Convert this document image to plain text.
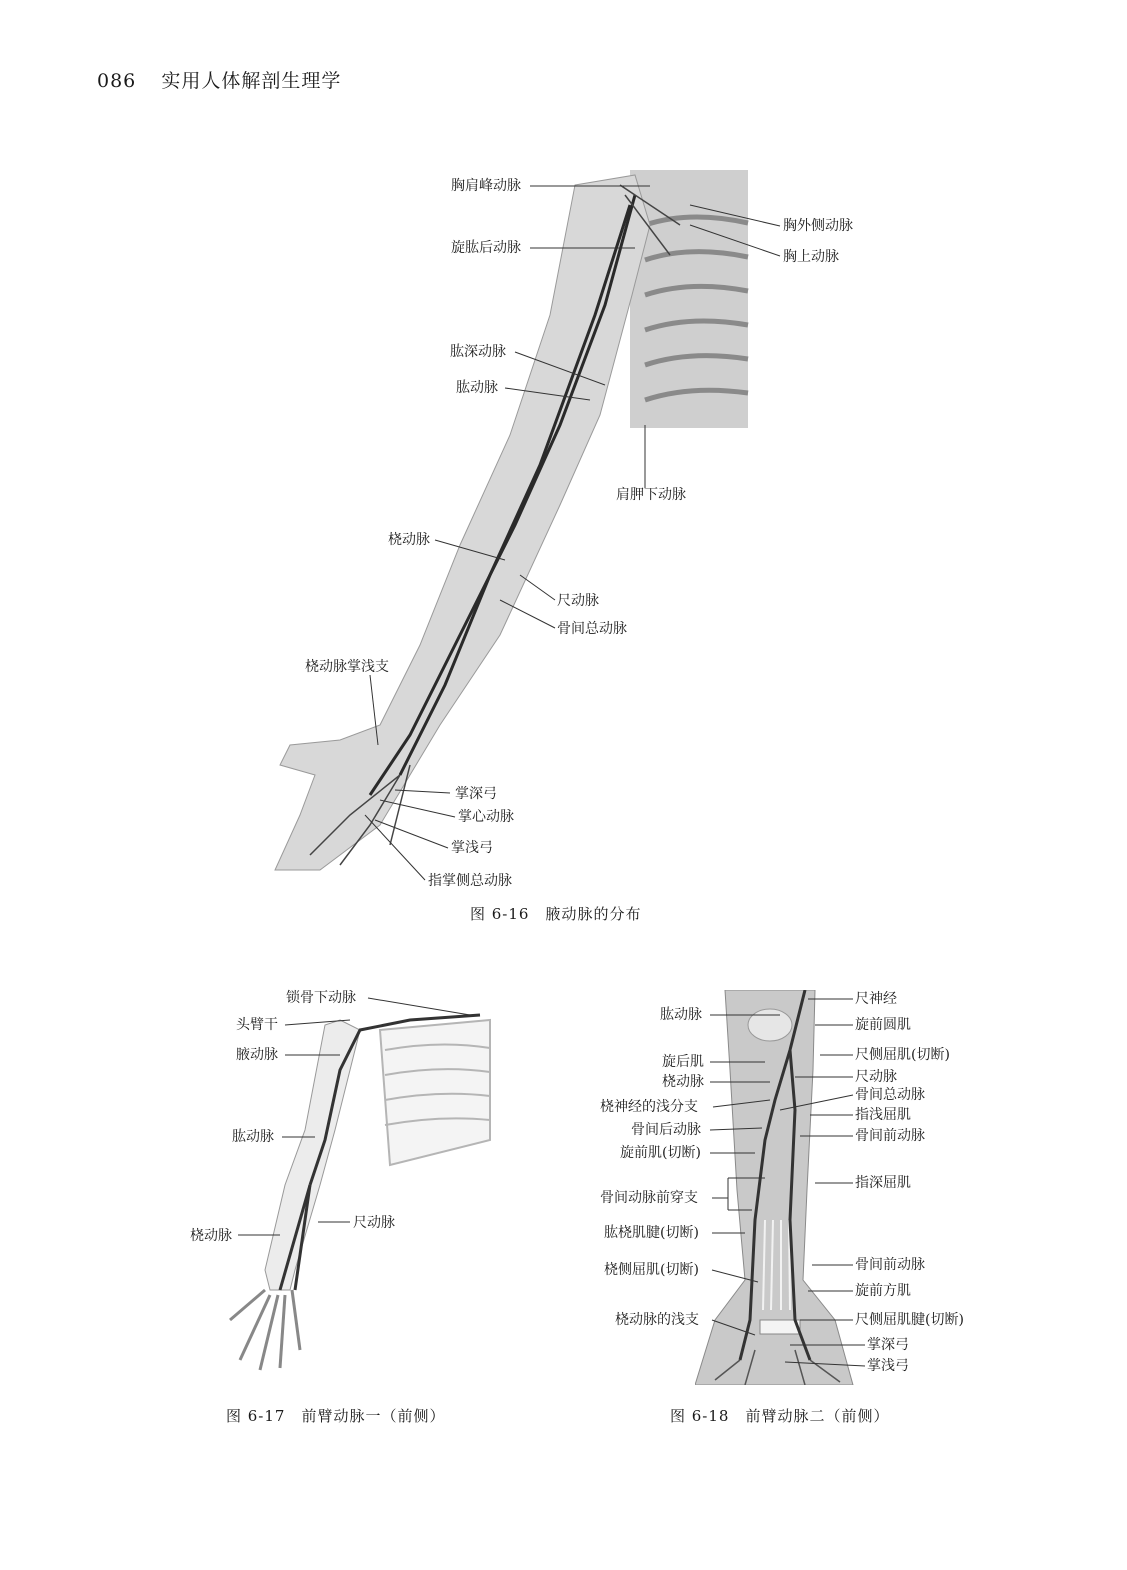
086 实用人体解剖生理学
胸肩峰动脉
胸外侧动脉
旋肱后动脉
胸上动脉
肱深动脉
肱动脉
肩胛下动脉
桡动脉
尺动脉
骨间总动脉
桡动脉掌浅支
掌深弓
掌心动脉
掌浅弓
指掌侧总动脉
图 6-16　腋动脉的分布
锁骨下动脉
头臂干
腋动脉
肱动脉
尺动脉
桡动脉
图 6-17　前臂动脉一（前侧）
尺神经
肱动脉
旋前圆肌
尺侧屈肌(切断)
旋后肌
尺动脉
桡动脉
骨间总动脉
桡神经的浅分支	指浅屈肌
骨间后动脉	骨间前动脉
旋前肌(切断)
指深屈肌
骨间动脉前穿支
肱桡肌腱(切断)
骨间前动脉
桡侧屈肌(切断)
旋前方肌
桡动脉的浅支	尺侧屈肌腱(切断)
掌深弓
掌浅弓
图 6-18　前臂动脉二（前侧）
